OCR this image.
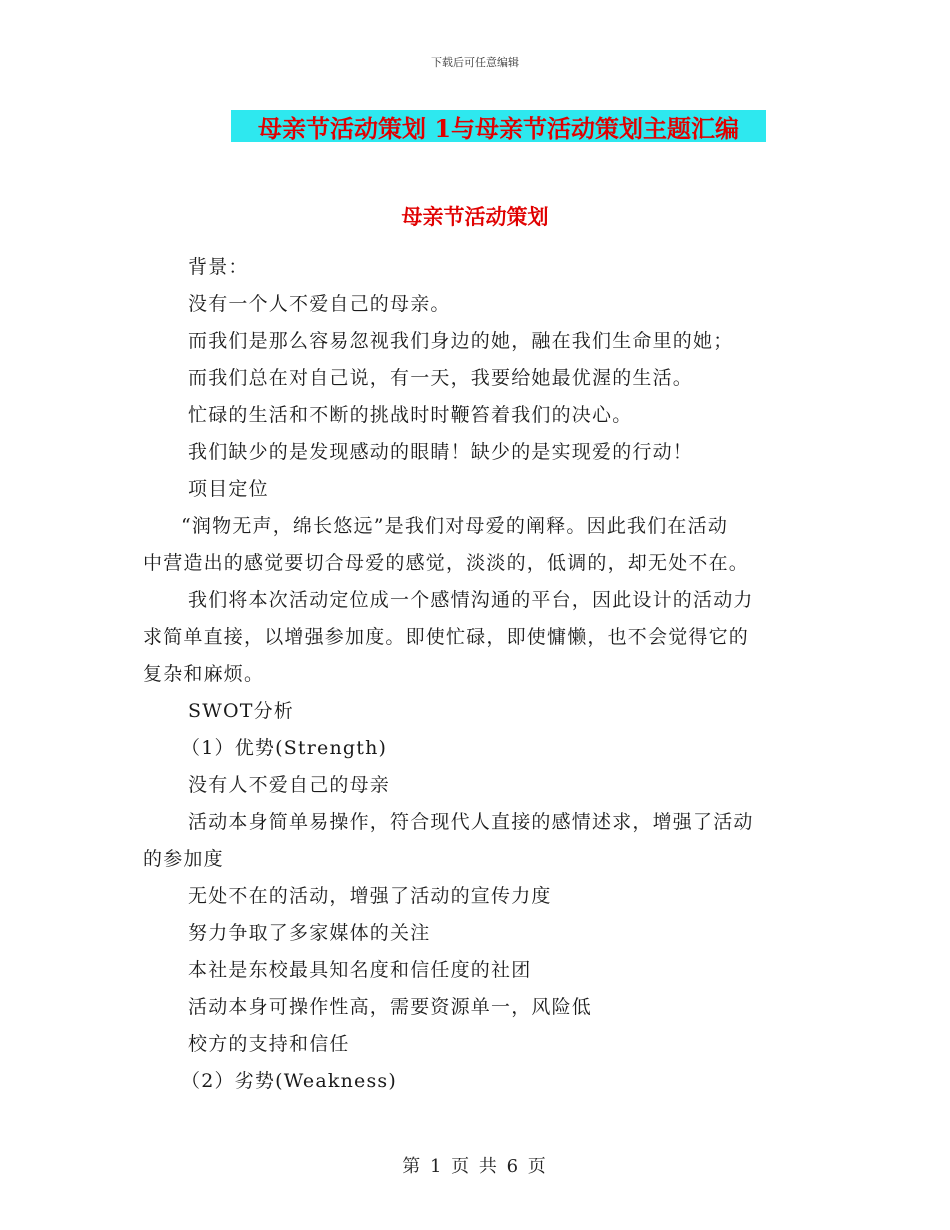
下载后可任意编辑
母亲节活动策划 1与母亲节活动策划主题汇编
母亲节活动策划
背景：
没有一个人不爱自己的母亲。
而我们是那么容易忽视我们身边的她，融在我们生命里的她；
而我们总在对自己说，有一天，我要给她最优渥的生活。
忙碌的生活和不断的挑战时时鞭笞着我们的决心。
我们缺少的是发现感动的眼睛！缺少的是实现爱的行动！
项目定位
“润物无声，绵长悠远”是我们对母爱的阐释。因此我们在活动
中营造出的感觉要切合母爱的感觉，淡淡的，低调的，却无处不在。
我们将本次活动定位成一个感情沟通的平台，因此设计的活动力
求简单直接，以增强参加度。即使忙碌，即使慵懒，也不会觉得它的
复杂和麻烦。
SWOT分析
（1）优势(Strength)
没有人不爱自己的母亲
活动本身简单易操作，符合现代人直接的感情述求，增强了活动
的参加度
无处不在的活动，增强了活动的宣传力度
努力争取了多家媒体的关注
本社是东校最具知名度和信任度的社团
活动本身可操作性高，需要资源单一，风险低
校方的支持和信任
（2）劣势(Weakness)
第 1 页 共 6 页
